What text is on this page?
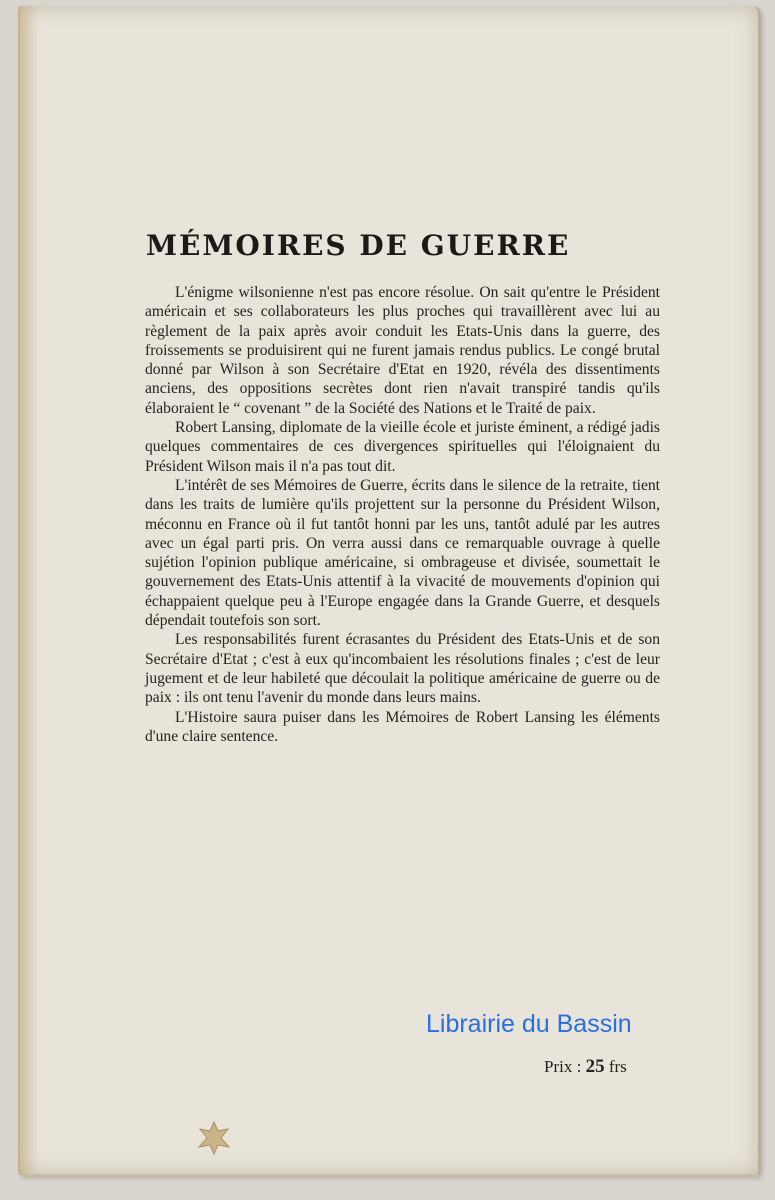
MÉMOIRES DE GUERRE

L'énigme wilsonienne n'est pas encore résolue. On sait qu'entre le Président américain et ses collaborateurs les plus proches qui travaillèrent avec lui au règlement de la paix après avoir conduit les Etats-Unis dans la guerre, des froissements se produisirent qui ne furent jamais rendus publics. Le congé brutal donné par Wilson à son Secrétaire d'Etat en 1920, révéla des dissentiments anciens, des oppositions secrètes dont rien n'avait transpiré tandis qu'ils élaboraient le “ covenant ” de la Société des Nations et le Traité de paix.

Robert Lansing, diplomate de la vieille école et juriste éminent, a rédigé jadis quelques commentaires de ces divergences spirituelles qui l'éloignaient du Président Wilson mais il n'a pas tout dit.

L'intérêt de ses Mémoires de Guerre, écrits dans le silence de la retraite, tient dans les traits de lumière qu'ils projettent sur la personne du Président Wilson, méconnu en France où il fut tantôt honni par les uns, tantôt adulé par les autres avec un égal parti pris. On verra aussi dans ce remarquable ouvrage à quelle sujétion l'opinion publique américaine, si ombrageuse et divisée, soumettait le gouvernement des Etats-Unis attentif à la vivacité de mouvements d'opinion qui échappaient quelque peu à l'Europe engagée dans la Grande Guerre, et desquels dépendait toutefois son sort.

Les responsabilités furent écrasantes du Président des Etats-Unis et de son Secrétaire d'Etat ; c'est à eux qu'incombaient les résolutions finales ; c'est de leur jugement et de leur habileté que découlait la politique américaine de guerre ou de paix : ils ont tenu l'avenir du monde dans leurs mains.

L'Histoire saura puiser dans les Mémoires de Robert Lansing les éléments d'une claire sentence.

Librairie du Bassin
Prix : 25 frs
